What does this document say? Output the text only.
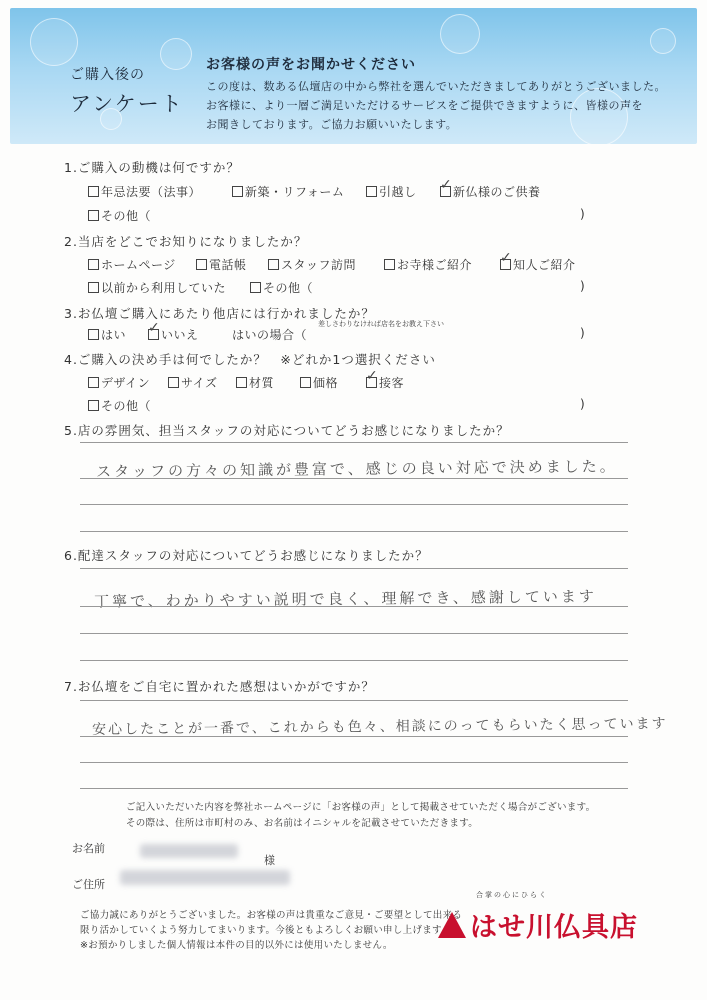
ご購入後の
アンケート
お客様の声をお聞かせください
この度は、数ある仏壇店の中から弊社を選んでいただきましてありがとうございました。
お客様に、より一層ご満足いただけるサービスをご提供できますように、皆様の声を
お聞きしております。ご協力お願いいたします。
1.ご購入の動機は何ですか？
年忌法要（法事）	新築・リフォーム	引越し ✓ 新仏様のご供養
その他（	)
2.当店をどこでお知りになりましたか？
ホームページ	電話帳	スタッフ訪問	お寺様ご紹介 ✓ 知人ご紹介
以前から利用していた	その他（	)
3.お仏壇ご購入にあたり他店には行かれましたか？
はい ✓ いいえ	はいの場合（
差しさわりなければ店名をお教え下さい
)
4.ご購入の決め手は何でしたか？　※どれか1つ選択ください
デザイン	サイズ	材質	価格 ✓ 接客
その他（	)
5.店の雰囲気、担当スタッフの対応についてどうお感じになりましたか？
スタッフの方々の知識が豊富で、感じの良い対応で決めました。
6.配達スタッフの対応についてどうお感じになりましたか？
丁寧で、わかりやすい説明で良く、理解でき、感謝しています
7.お仏壇をご自宅に置かれた感想はいかがですか？
安心したことが一番で、これからも色々、相談にのってもらいたく思っています
ご記入いただいた内容を弊社ホームページに「お客様の声」として掲載させていただく場合がございます。
その際は、住所は市町村のみ、お名前はイニシャルを記載させていただきます。
お名前
様
ご住所
ご協力誠にありがとうございました。お客様の声は貴重なご意見・ご要望として出来る
限り活かしていくよう努力してまいります。今後ともよろしくお願い申し上げます。
※お預かりしました個人情報は本件の目的以外には使用いたしません。
合掌の心にひらく
はせ川仏具店
